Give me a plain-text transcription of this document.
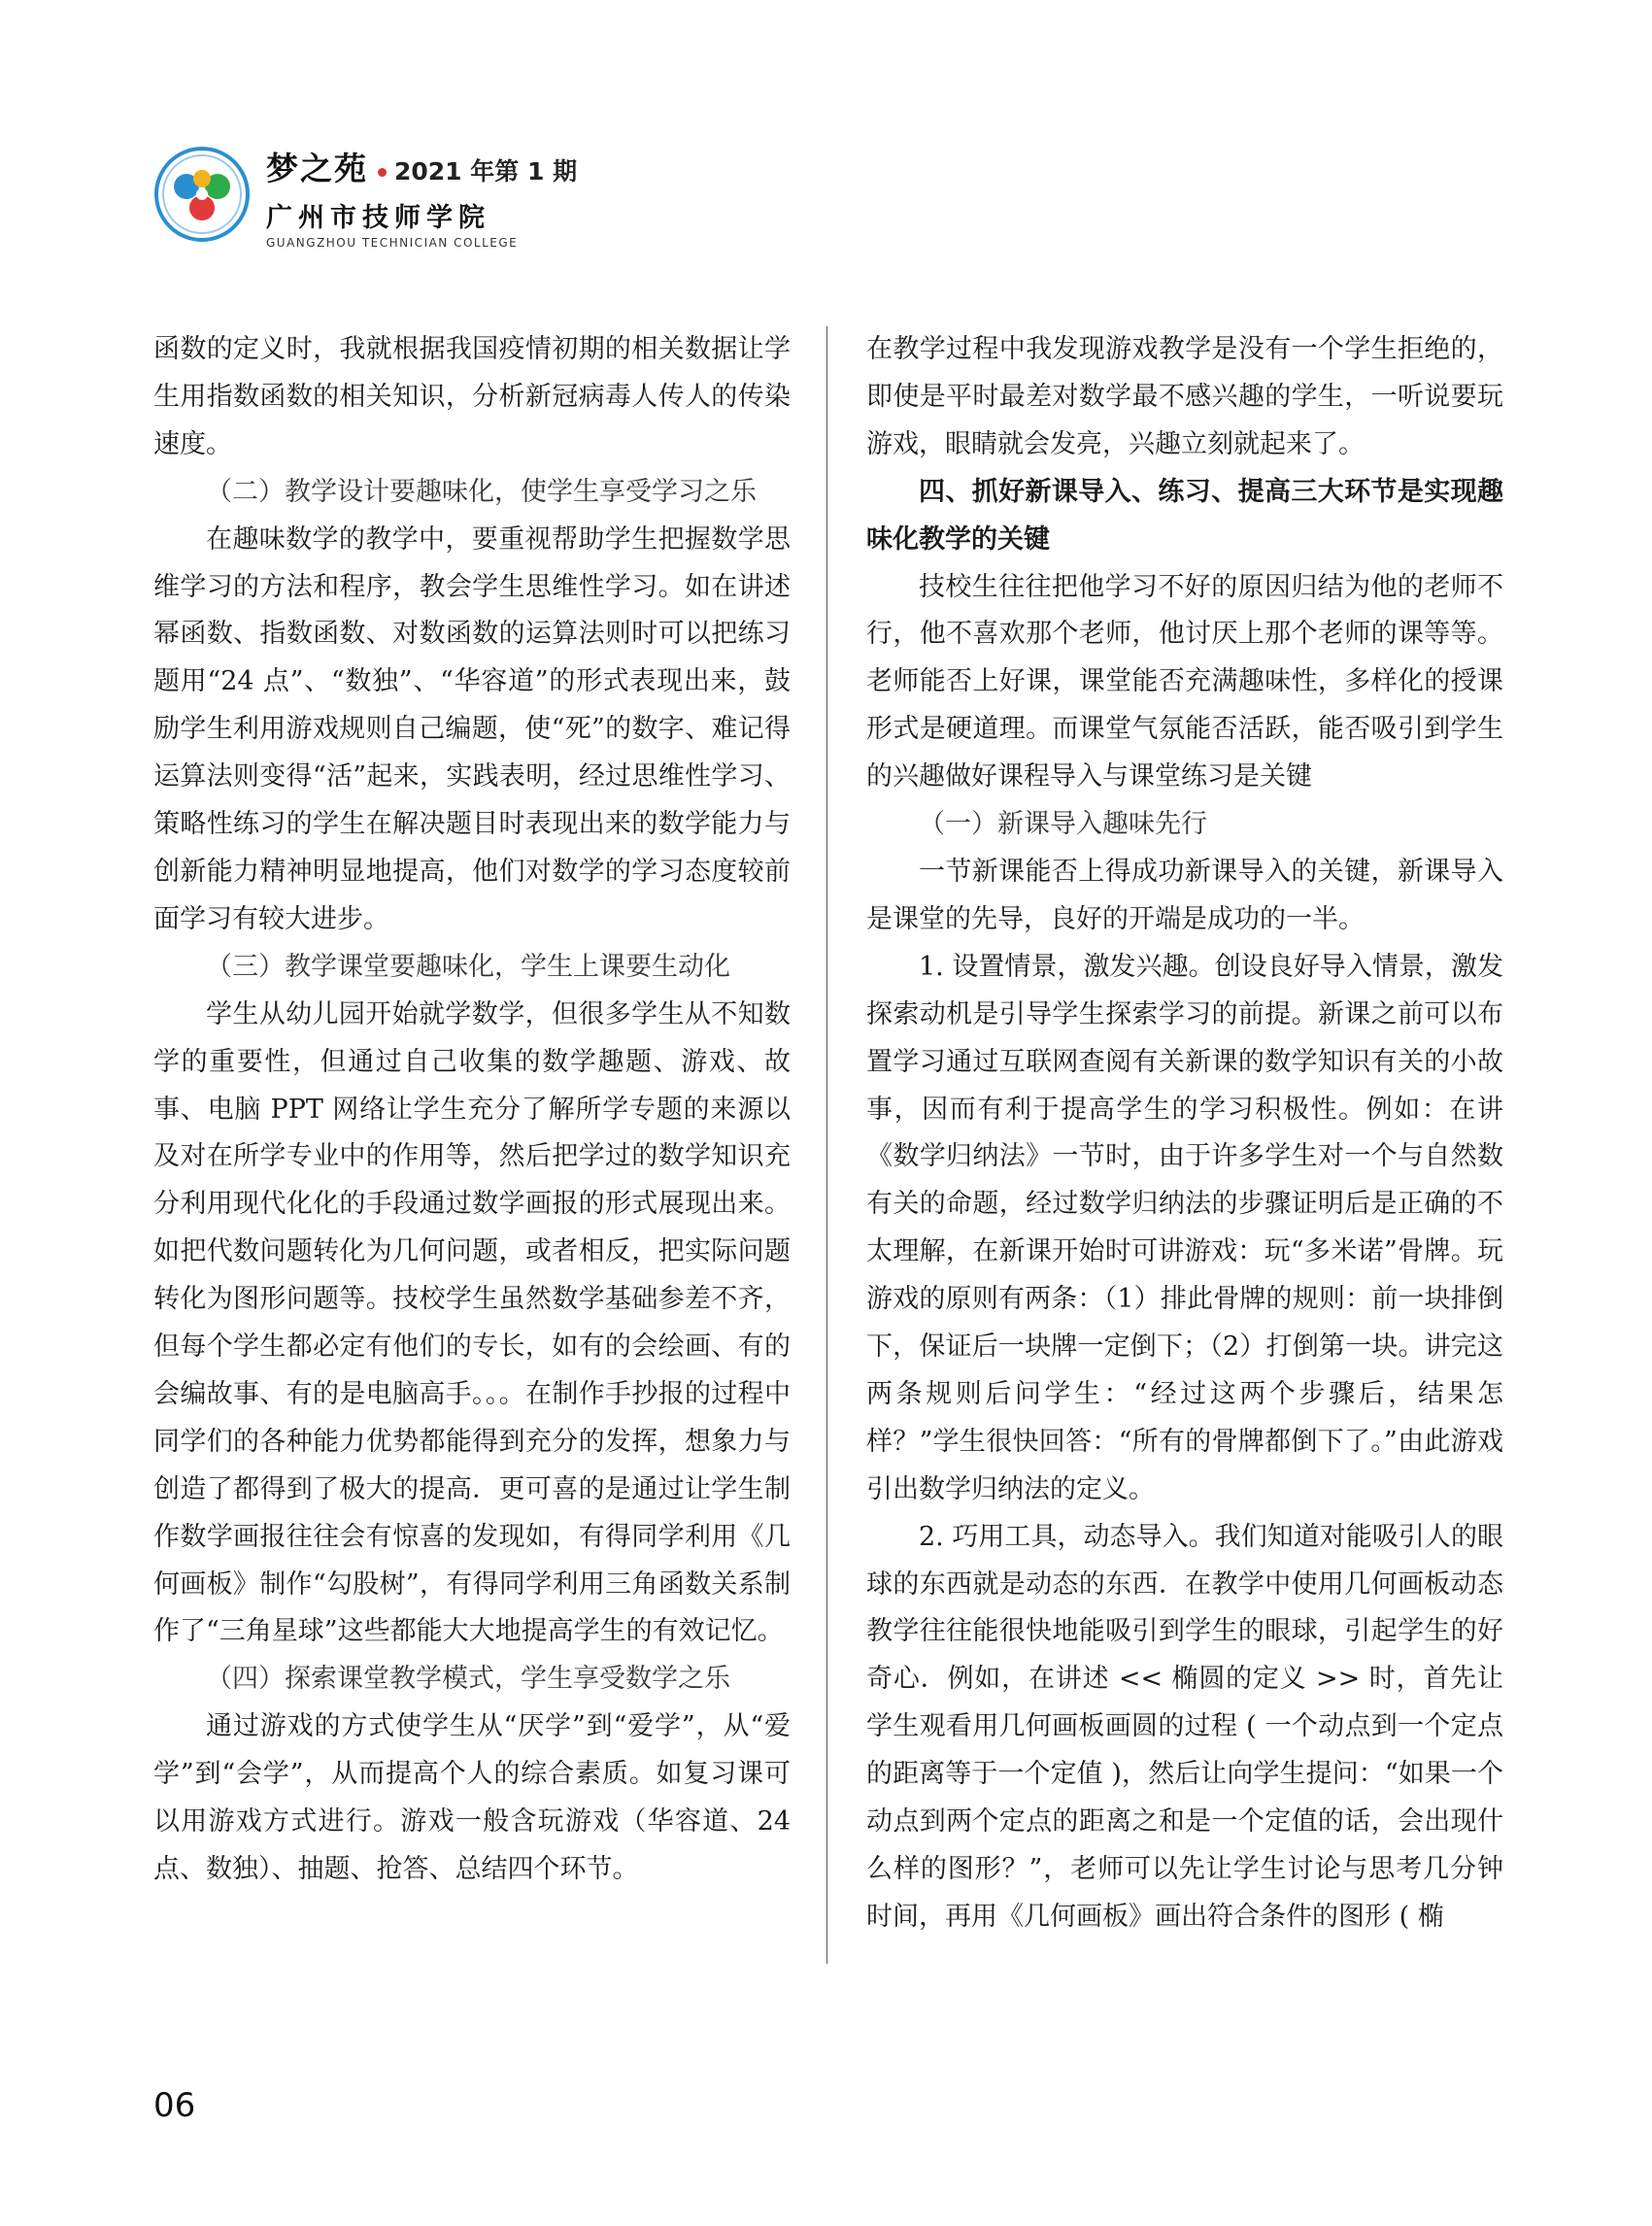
梦之苑 2021 年第 1 期
广州市技师学院
GUANGZHOU TECHNICIAN COLLEGE

函数的定义时，我就根据我国疫情初期的相关数据让学生用指数函数的相关知识，分析新冠病毒人传人的传染速度。

（二）教学设计要趣味化，使学生享受学习之乐

在趣味数学的教学中，要重视帮助学生把握数学思维学习的方法和程序，教会学生思维性学习。如在讲述幂函数、指数函数、对数函数的运算法则时可以把练习题用“24 点”、“数独”、“华容道”的形式表现出来，鼓励学生利用游戏规则自己编题，使“死”的数字、难记得运算法则变得“活”起来，实践表明，经过思维性学习、策略性练习的学生在解决题目时表现出来的数学能力与创新能力精神明显地提高，他们对数学的学习态度较前面学习有较大进步。

（三）教学课堂要趣味化，学生上课要生动化

学生从幼儿园开始就学数学，但很多学生从不知数学的重要性，但通过自己收集的数学趣题、游戏、故事、电脑 PPT 网络让学生充分了解所学专题的来源以及对在所学专业中的作用等，然后把学过的数学知识充分利用现代化化的手段通过数学画报的形式展现出来。如把代数问题转化为几何问题，或者相反，把实际问题转化为图形问题等。技校学生虽然数学基础参差不齐，但每个学生都必定有他们的专长，如有的会绘画、有的会编故事、有的是电脑高手。。。在制作手抄报的过程中同学们的各种能力优势都能得到充分的发挥，想象力与创造了都得到了极大的提高．更可喜的是通过让学生制作数学画报往往会有惊喜的发现如，有得同学利用《几何画板》制作“勾股树”，有得同学利用三角函数关系制作了“三角星球”这些都能大大地提高学生的有效记忆。

（四）探索课堂教学模式，学生享受数学之乐

通过游戏的方式使学生从“厌学”到“爱学”，从“爱学”到“会学”，从而提高个人的综合素质。如复习课可以用游戏方式进行。游戏一般含玩游戏（华容道、24 点、数独）、抽题、抢答、总结四个环节。

在教学过程中我发现游戏教学是没有一个学生拒绝的，即使是平时最差对数学最不感兴趣的学生，一听说要玩游戏，眼睛就会发亮，兴趣立刻就起来了。

四、抓好新课导入、练习、提高三大环节是实现趣味化教学的关键

技校生往往把他学习不好的原因归结为他的老师不行，他不喜欢那个老师，他讨厌上那个老师的课等等。老师能否上好课，课堂能否充满趣味性，多样化的授课形式是硬道理。而课堂气氛能否活跃，能否吸引到学生的兴趣做好课程导入与课堂练习是关键

（一）新课导入趣味先行

一节新课能否上得成功新课导入的关键，新课导入是课堂的先导，良好的开端是成功的一半。

1. 设置情景，激发兴趣。创设良好导入情景，激发探索动机是引导学生探索学习的前提。新课之前可以布置学习通过互联网查阅有关新课的数学知识有关的小故事，因而有利于提高学生的学习积极性。例如：在讲《数学归纳法》一节时，由于许多学生对一个与自然数有关的命题，经过数学归纳法的步骤证明后是正确的不太理解，在新课开始时可讲游戏：玩“多米诺”骨牌。玩游戏的原则有两条：（1）排此骨牌的规则：前一块排倒下，保证后一块牌一定倒下；（2）打倒第一块。讲完这两条规则后问学生：“经过这两个步骤后，结果怎样？”学生很快回答：“所有的骨牌都倒下了。”由此游戏引出数学归纳法的定义。

2. 巧用工具，动态导入。我们知道对能吸引人的眼球的东西就是动态的东西．在教学中使用几何画板动态教学往往能很快地能吸引到学生的眼球，引起学生的好奇心．例如，在讲述 << 椭圆的定义 >> 时，首先让学生观看用几何画板画圆的过程 ( 一个动点到一个定点的距离等于一个定值 )，然后让向学生提问：“如果一个动点到两个定点的距离之和是一个定值的话，会出现什么样的图形？”，老师可以先让学生讨论与思考几分钟时间，再用《几何画板》画出符合条件的图形 ( 椭

06
